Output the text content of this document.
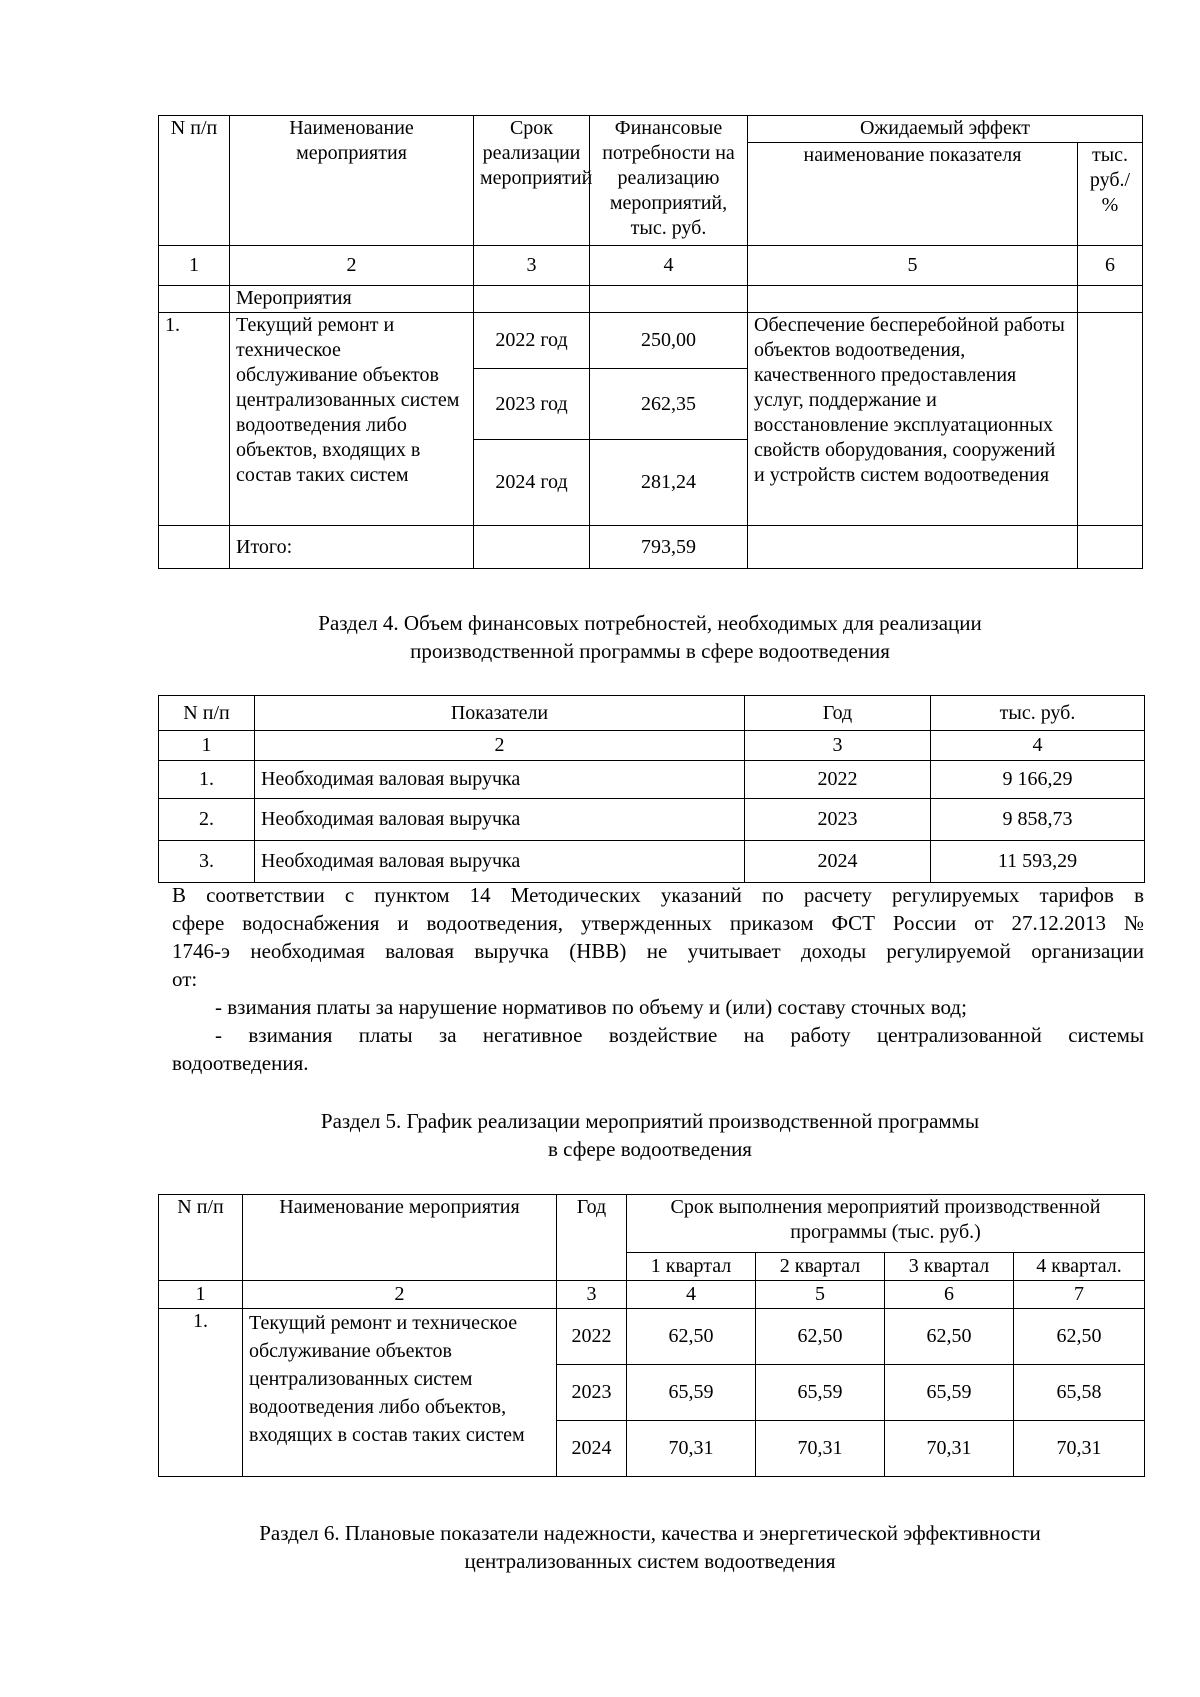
N п/п	Наименование мероприятия	Срок реализации мероприятий	Финансовые потребности на реализацию мероприятий, тыс. руб.	Ожидаемый эффект	
				наименование показателя	тыс. руб./ %
1	2	3	4	5	6
	Мероприятия				
1.	Текущий ремонт и техническое обслуживание объектов централизованных систем водоотведения либо объектов, входящих в состав таких систем	2022 год	250,00	Обеспечение бесперебойной работы объектов водоотведения, качественного предоставления услуг, поддержание и восстановление эксплуатационных свойств оборудования, сооружений и устройств систем водоотведения	
		2023 год	262,35		
		2024 год	281,24		
	Итого:		793,59		
Раздел 4. Объем финансовых потребностей, необходимых для реализации
производственной программы в сфере водоотведения
N п/п	Показатели	Год	тыс. руб.
1	2	3	4
1.	Необходимая валовая выручка	2022	9 166,29
2.	Необходимая валовая выручка	2023	9 858,73
3.	Необходимая валовая выручка	2024	11 593,29
В соответствии с пунктом 14 Методических указаний по расчету регулируемых тарифов в
сфере водоснабжения и водоотведения, утвержденных приказом ФСТ России от 27.12.2013 №
1746-э необходимая валовая выручка (НВВ) не учитывает доходы регулируемой организации
от:
- взимания платы за нарушение нормативов по объему и (или) составу сточных вод;
- взимания платы за негативное воздействие на работу централизованной системы
водоотведения.
Раздел 5. График реализации мероприятий производственной программы
в сфере водоотведения
N п/п	Наименование мероприятия	Год	Срок выполнения мероприятий производственной программы (тыс. руб.)			
			1 квартал	2 квартал	3 квартал	4 квартал.
1	2	3	4	5	6	7
1.	Текущий ремонт и техническое обслуживание объектов централизованных систем водоотведения либо объектов, входящих в состав таких систем	2022	62,50	62,50	62,50	62,50
		2023	65,59	65,59	65,59	65,58
		2024	70,31	70,31	70,31	70,31
Раздел 6. Плановые показатели надежности, качества и энергетической эффективности
централизованных систем водоотведения
